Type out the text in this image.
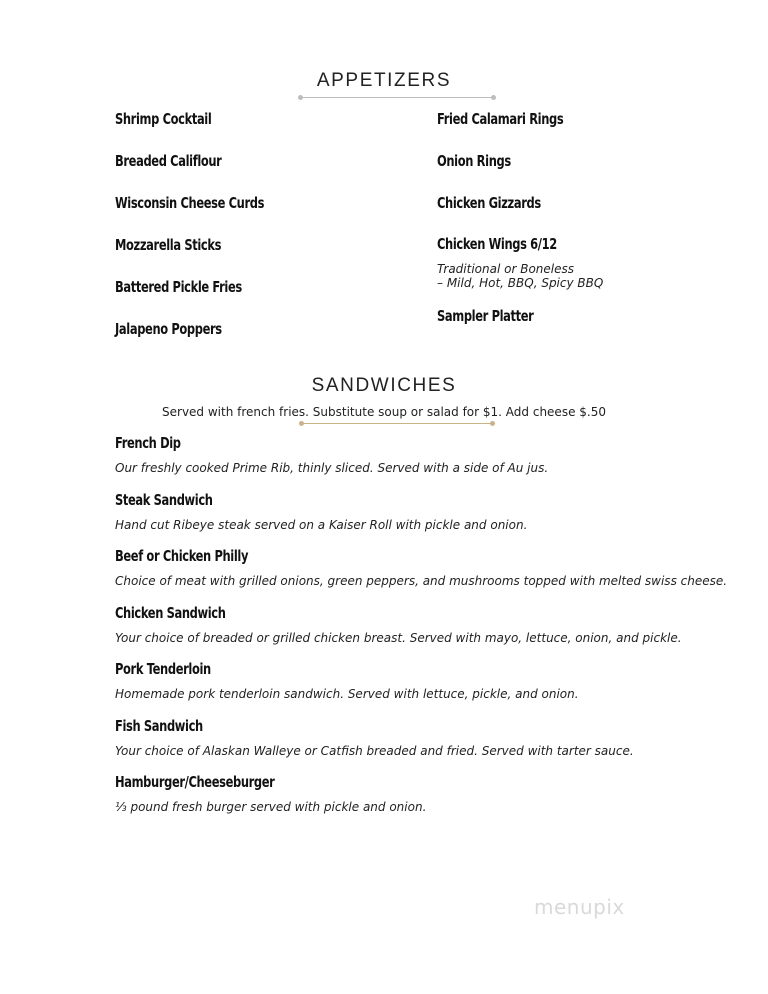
APPETIZERS
Shrimp Cocktail
Breaded Califlour
Wisconsin Cheese Curds
Mozzarella Sticks
Battered Pickle Fries
Jalapeno Poppers
Fried Calamari Rings
Onion Rings
Chicken Gizzards
Chicken Wings 6/12
Traditional or Boneless
– Mild, Hot, BBQ, Spicy BBQ
Sampler Platter
SANDWICHES
Served with french fries. Substitute soup or salad for $1. Add cheese $.50
French Dip
Our freshly cooked Prime Rib, thinly sliced. Served with a side of Au jus.
Steak Sandwich
Hand cut Ribeye steak served on a Kaiser Roll with pickle and onion.
Beef or Chicken Philly
Choice of meat with grilled onions, green peppers, and mushrooms topped with melted swiss cheese.
Chicken Sandwich
Your choice of breaded or grilled chicken breast. Served with mayo, lettuce, onion, and pickle.
Pork Tenderloin
Homemade pork tenderloin sandwich. Served with lettuce, pickle, and onion.
Fish Sandwich
Your choice of Alaskan Walleye or Catfish breaded and fried. Served with tarter sauce.
Hamburger/Cheeseburger
⅓ pound fresh burger served with pickle and onion.
menupix
